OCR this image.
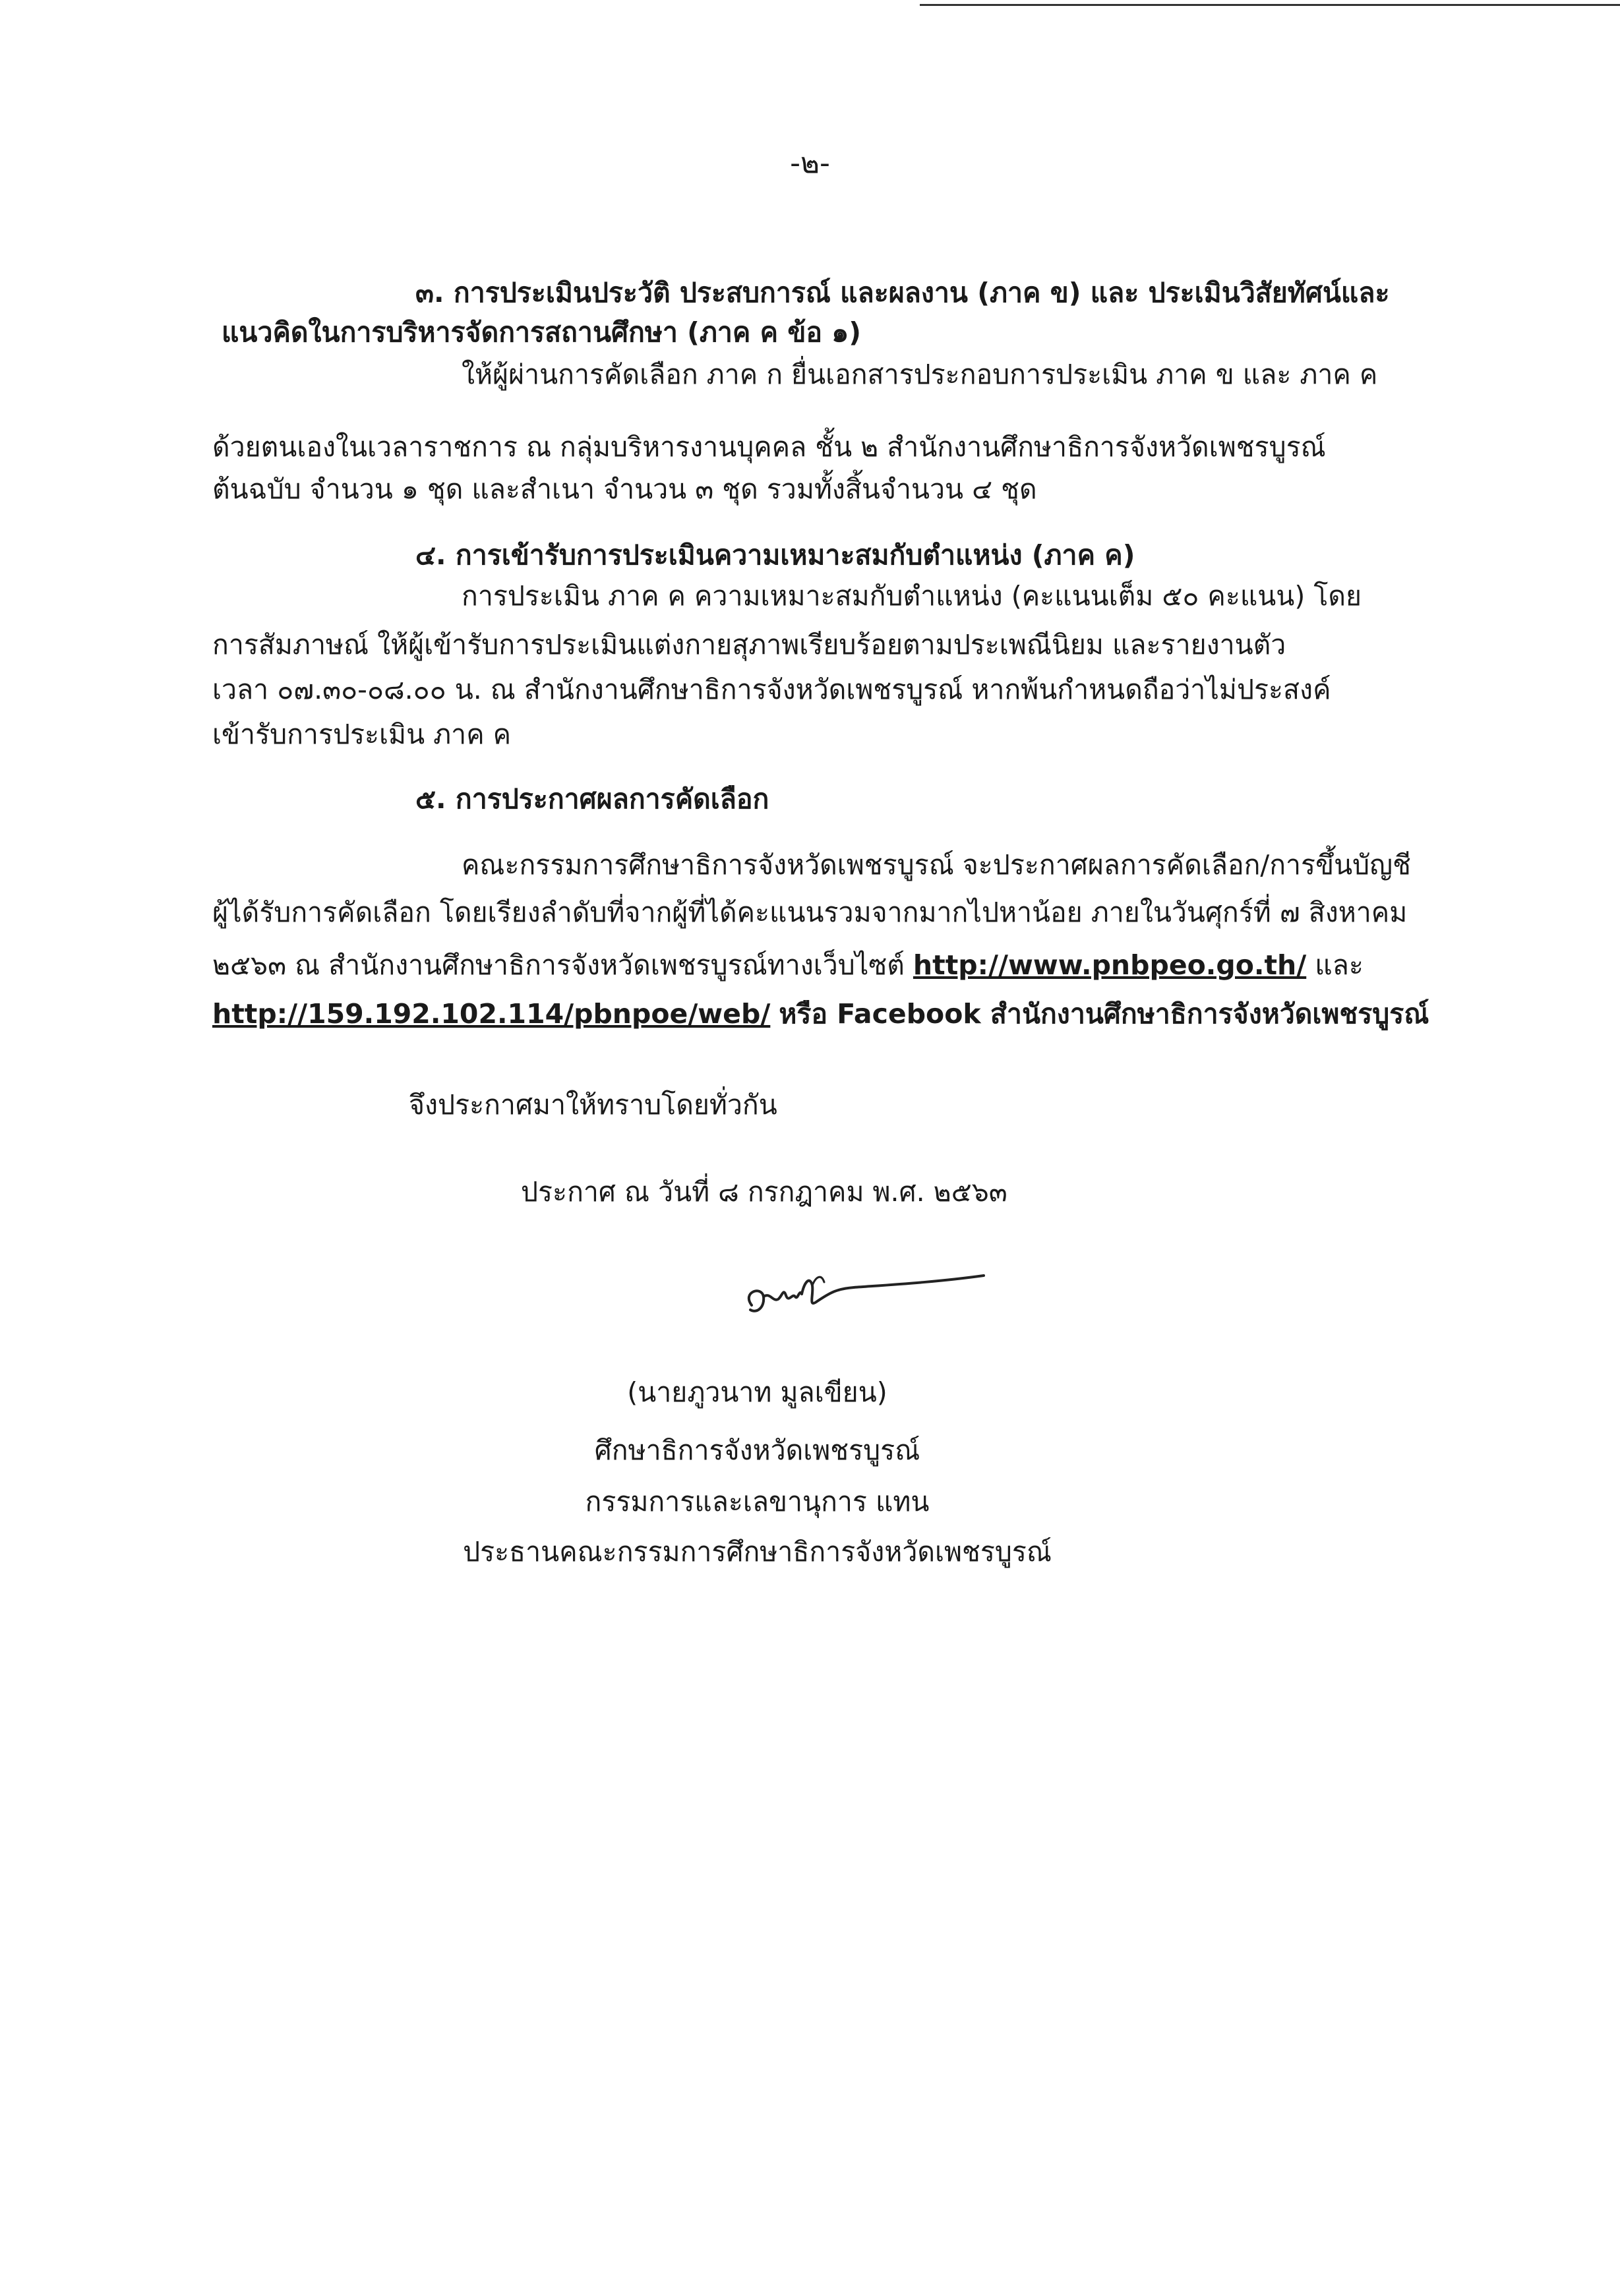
-๒-
๓. การประเมินประวัติ ประสบการณ์ และผลงาน (ภาค ข) และ ประเมินวิสัยทัศน์และ
แนวคิดในการบริหารจัดการสถานศึกษา (ภาค ค ข้อ ๑)
ให้ผู้ผ่านการคัดเลือก ภาค ก ยื่นเอกสารประกอบการประเมิน ภาค ข และ ภาค ค
ด้วยตนเองในเวลาราชการ ณ กลุ่มบริหารงานบุคคล ชั้น ๒ สำนักงานศึกษาธิการจังหวัดเพชรบูรณ์
ต้นฉบับ จำนวน ๑ ชุด และสำเนา จำนวน ๓ ชุด รวมทั้งสิ้นจำนวน ๔ ชุด
๔. การเข้ารับการประเมินความเหมาะสมกับตำแหน่ง (ภาค ค)
การประเมิน ภาค ค ความเหมาะสมกับตำแหน่ง (คะแนนเต็ม ๕๐ คะแนน) โดย
การสัมภาษณ์ ให้ผู้เข้ารับการประเมินแต่งกายสุภาพเรียบร้อยตามประเพณีนิยม และรายงานตัว
เวลา ๐๗.๓๐-๐๘.๐๐ น. ณ สำนักงานศึกษาธิการจังหวัดเพชรบูรณ์ หากพ้นกำหนดถือว่าไม่ประสงค์
เข้ารับการประเมิน ภาค ค
๕. การประกาศผลการคัดเลือก
คณะกรรมการศึกษาธิการจังหวัดเพชรบูรณ์ จะประกาศผลการคัดเลือก/การขึ้นบัญชี
ผู้ได้รับการคัดเลือก โดยเรียงลำดับที่จากผู้ที่ได้คะแนนรวมจากมากไปหาน้อย ภายในวันศุกร์ที่ ๗ สิงหาคม
๒๕๖๓ ณ สำนักงานศึกษาธิการจังหวัดเพชรบูรณ์ทางเว็บไซต์ http://www.pnbpeo.go.th/ และ
http://159.192.102.114/pbnpoe/web/ หรือ Facebook สำนักงานศึกษาธิการจังหวัดเพชรบูรณ์
จึงประกาศมาให้ทราบโดยทั่วกัน
ประกาศ ณ วันที่ ๘ กรกฎาคม พ.ศ. ๒๕๖๓
(นายภูวนาท มูลเขียน)
ศึกษาธิการจังหวัดเพชรบูรณ์
กรรมการและเลขานุการ แทน
ประธานคณะกรรมการศึกษาธิการจังหวัดเพชรบูรณ์
